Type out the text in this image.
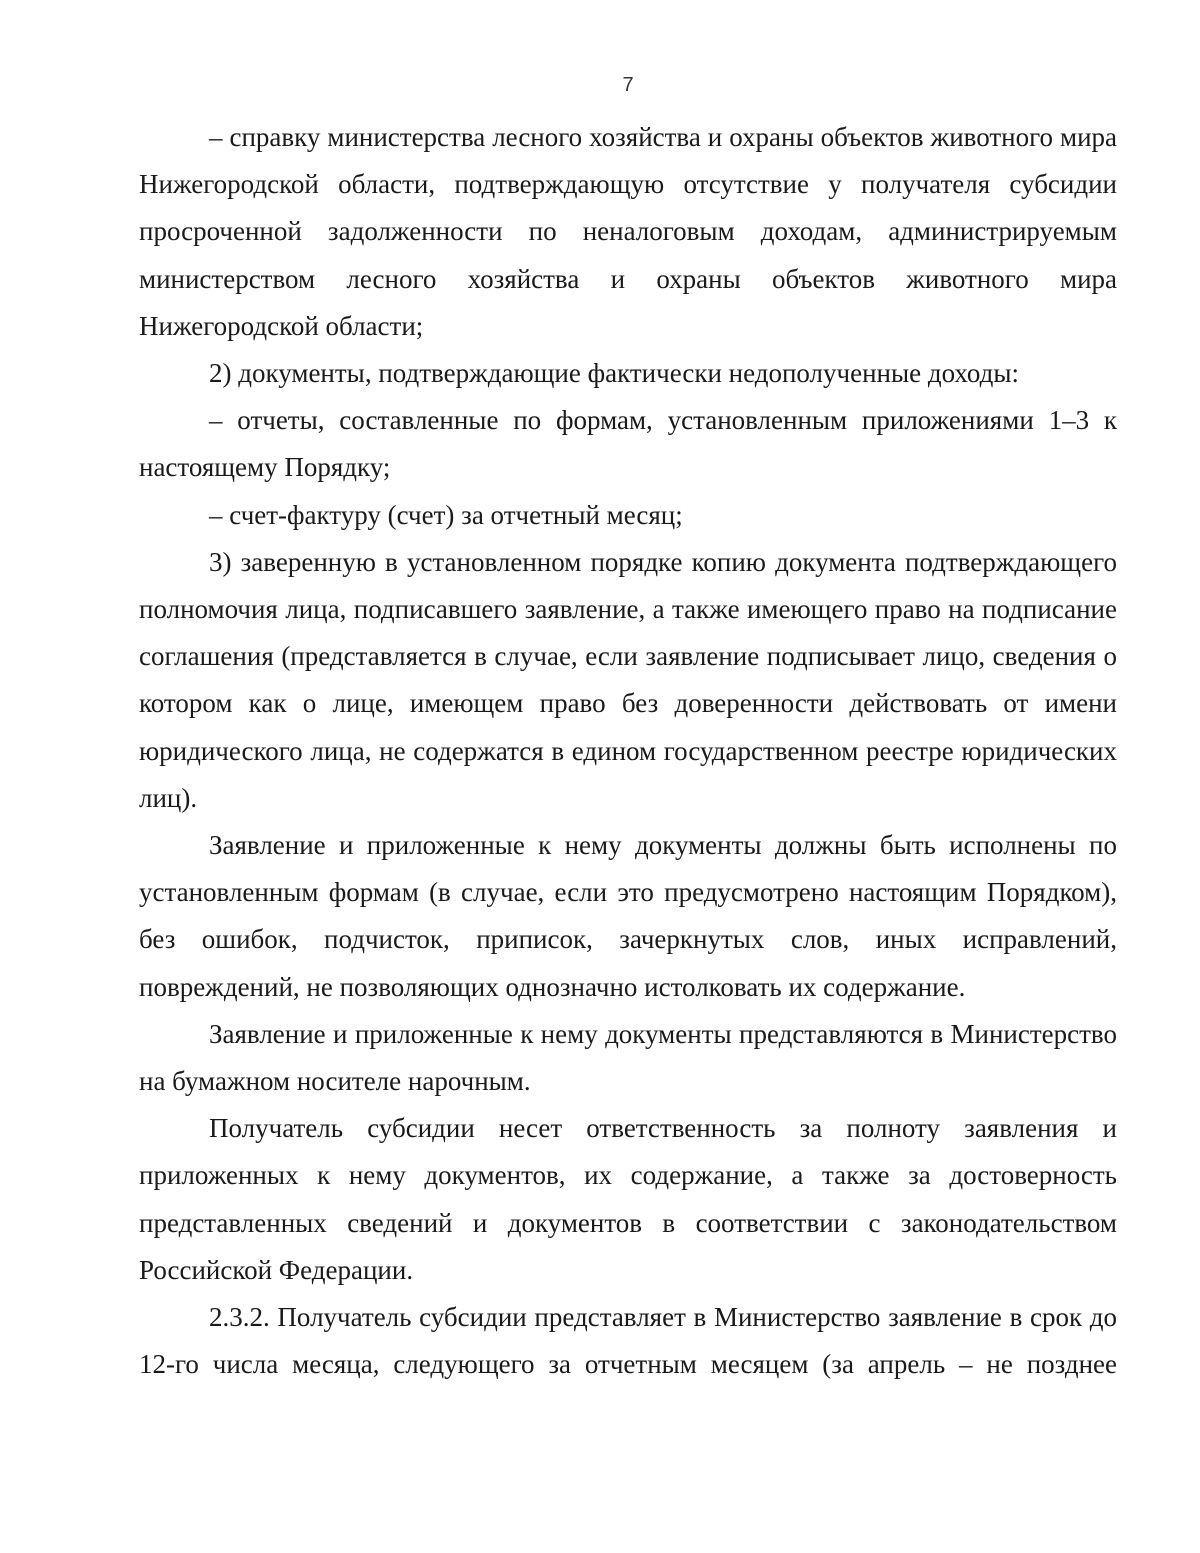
7

– справку министерства лесного хозяйства и охраны объектов животного мира Нижегородской области, подтверждающую отсутствие у получателя субсидии просроченной задолженности по неналоговым доходам, администрируемым министерством лесного хозяйства и охраны объектов животного мира Нижегородской области;

2) документы, подтверждающие фактически недополученные доходы:

– отчеты, составленные по формам, установленным приложениями 1–3 к настоящему Порядку;

– счет-фактуру (счет) за отчетный месяц;

3) заверенную в установленном порядке копию документа подтверждающего полномочия лица, подписавшего заявление, а также имеющего право на подписание соглашения (представляется в случае, если заявление подписывает лицо, сведения о котором как о лице, имеющем право без доверенности действовать от имени юридического лица, не содержатся в едином государственном реестре юридических лиц).

Заявление и приложенные к нему документы должны быть исполнены по установленным формам (в случае, если это предусмотрено настоящим Порядком), без ошибок, подчисток, приписок, зачеркнутых слов, иных исправлений, повреждений, не позволяющих однозначно истолковать их содержание.

Заявление и приложенные к нему документы представляются в Министерство на бумажном носителе нарочным.

Получатель субсидии несет ответственность за полноту заявления и приложенных к нему документов, их содержание, а также за достоверность представленных сведений и документов в соответствии с законодательством Российской Федерации.

2.3.2. Получатель субсидии представляет в Министерство заявление в срок до 12-го числа месяца, следующего за отчетным месяцем (за апрель – не позднее
